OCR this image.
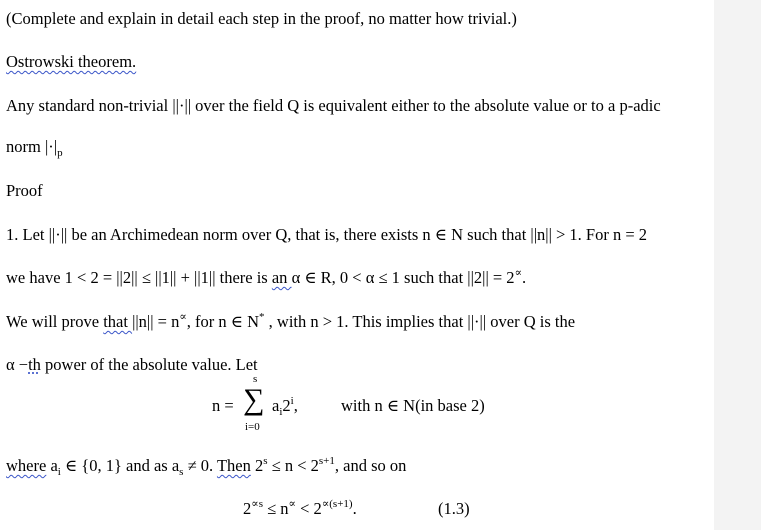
(Complete and explain in detail each step in the proof, no matter how trivial.)
Ostrowski theorem.
Any standard non-trivial ||·|| over the field Q is equivalent either to the absolute value or to a p-adic
norm $|\cdot|_p$
Proof
1. Let ||·|| be an Archimedean norm over Q, that is, there exists n ∈ N such that ||n|| > 1. For n = 2
we have 1 < 2 = ||2|| ≤ ||1|| + ||1|| there is an α ∈ R, 0 < α ≤ 1 such that ||2|| = 2∝.
We will prove that ||n|| = n∝, for n ∈ N* , with n > 1. This implies that ||·|| over Q is the
α −th power of the absolute value. Let
n =
s
∑
i=0
$a_i2^i$,	with n ∈ N(in base 2)
where $a_i$ ∈ {0, 1} and as $a_s \ne 0$. Then $2^s \le n < 2^{s+1}$, and so on
$2^{\propto s} \le n^\propto < 2^{\propto(s+1)}$.	(1.3)
